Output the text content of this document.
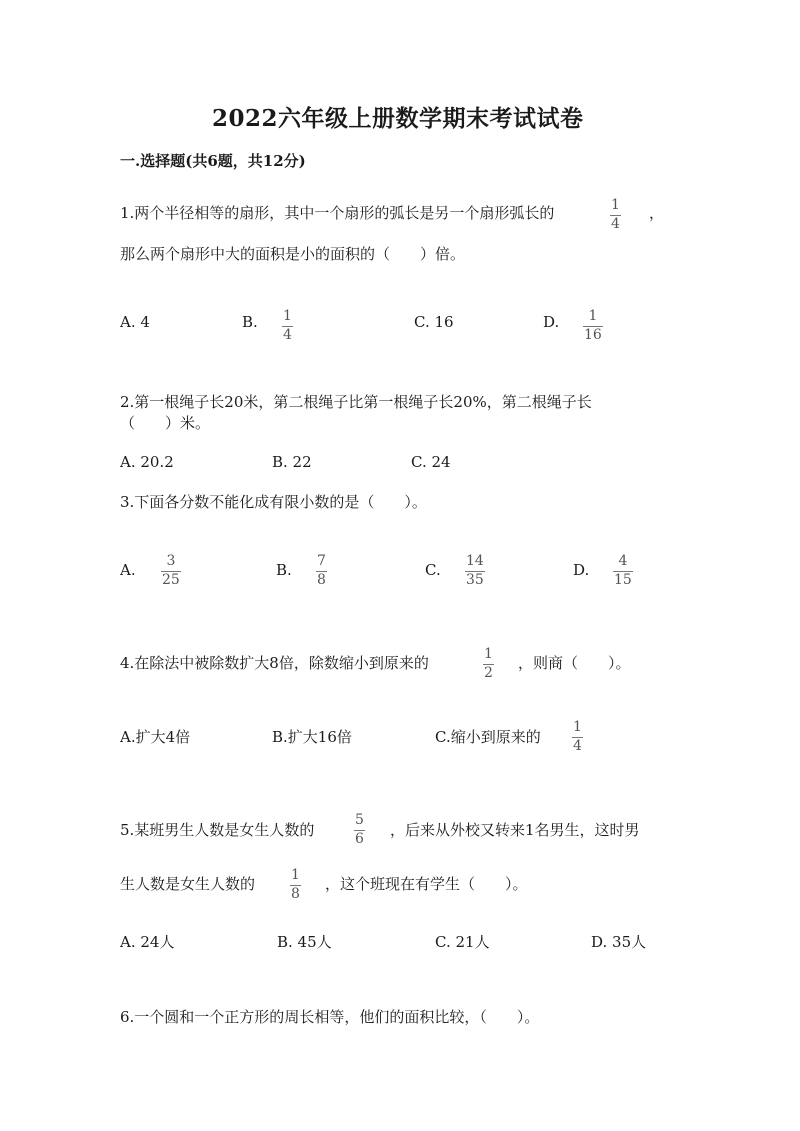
2022六年级上册数学期末考试试卷
一.选择题(共6题，共12分)
1.两个半径相等的扇形，其中一个扇形的弧长是另一个扇形弧长的	1
4
，
那么两个扇形中大的面积是小的面积的（　　）倍。
A. 4	B. 1
4
C. 16	D. 1
16
2.第一根绳子长20米，第二根绳子比第一根绳子长20%，第二根绳子长
（　　）米。
A. 20.2	B. 22	C. 24
3.下面各分数不能化成有限小数的是（　　）。
A. 3
25
B. 7
8
C. 14
35
D. 4
15
4.在除法中被除数扩大8倍，除数缩小到原来的	1
2
，则商（　　）。
A.扩大4倍	B.扩大16倍	C.缩小到原来的
1
4
5.某班男生人数是女生人数的
5
6 ，后来从外校又转来1名男生，这时男
生人数是女生人数的	1
8
，这个班现在有学生（　　）。
A. 24人	B. 45人	C. 21人	D. 35人
6.一个圆和一个正方形的周长相等，他们的面积比较，（　　）。
